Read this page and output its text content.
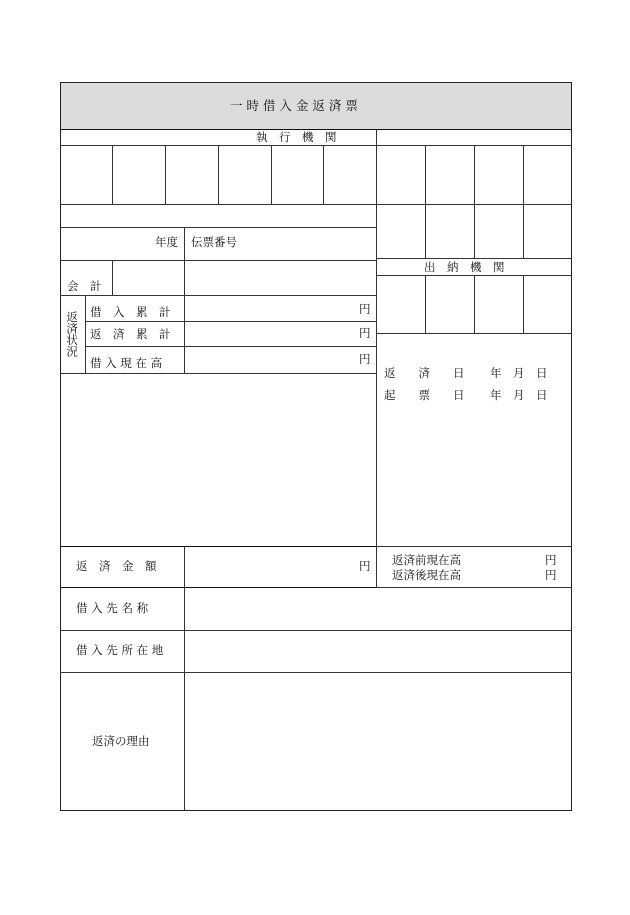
一 時 借 入 金 返 済 票
執　行　機　関
出　納　機　関
年度 伝票番号
会　計
返済状況 借　入　累　計	円
返　済　累　計	円
借 入 現 在 高	円
返　　済　　日 年　月　日
起　　票　　日 年　月　日
返　済　金　額	円 返済前現在高	円
返済後現在高	円
借 入 先 名 称
借 入 先 所 在 地
返済の理由
